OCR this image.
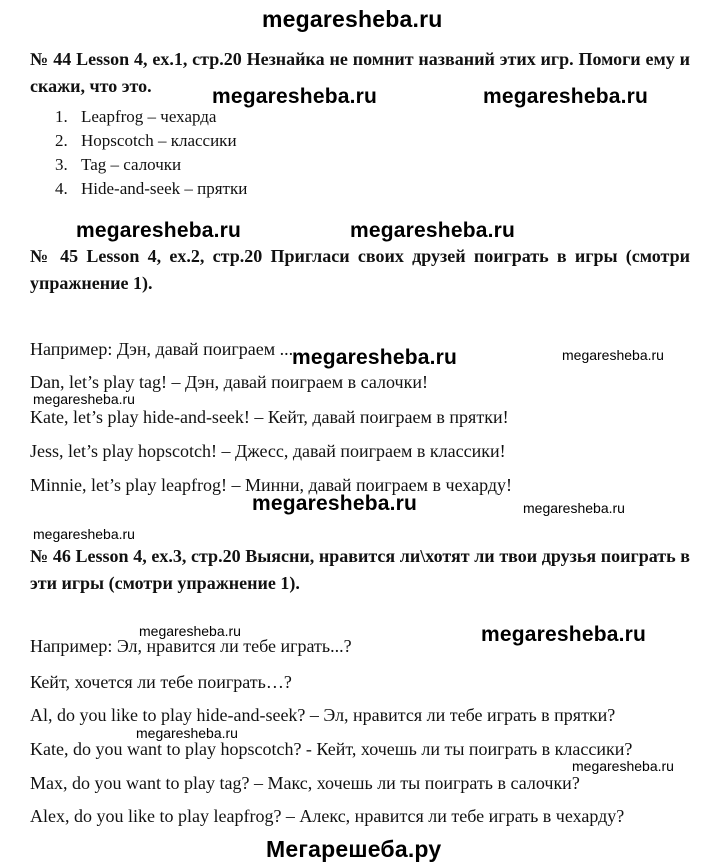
megaresheba.ru
Мегарешеба.ру
№ 44 Lesson 4, ex.1, стр.20 Незнайка не помнит названий этих игр. Помоги ему и скажи, что это.
1. Leapfrog – чехарда
2. Hopscotch – классики
3. Tag – салочки
4. Hide-and-seek – прятки
№ 45 Lesson 4, ex.2, стр.20 Пригласи своих друзей поиграть в игры (смотри упражнение 1).
Например: Дэн, давай поиграем ...
Dan, let’s play tag! – Дэн, давай поиграем в салочки!
Kate, let’s play hide-and-seek! – Кейт, давай поиграем в прятки!
Jess, let’s play hopscotch! – Джесс, давай поиграем в классики!
Minnie, let’s play leapfrog! – Минни, давай поиграем в чехарду!
№ 46 Lesson 4, ex.3, стр.20 Выясни, нравится ли\хотят ли твои друзья поиграть в эти игры (смотри упражнение 1).
Например: Эл, нравится ли тебе играть...?
Кейт, хочется ли тебе поиграть…?
Al, do you like to play hide-and-seek? – Эл, нравится ли тебе играть в прятки?
Kate, do you want to play hopscotch? - Кейт, хочешь ли ты поиграть в классики?
Max, do you want to play tag? – Макс, хочешь ли ты поиграть в салочки?
Alex, do you like to play leapfrog? – Алекс, нравится ли тебе играть в чехарду?
megaresheba.ru	megaresheba.ru
megaresheba.ru	megaresheba.ru
megaresheba.ru	megaresheba.ru
megaresheba.ru
megaresheba.ru	megaresheba.ru
megaresheba.ru
megaresheba.ru	megaresheba.ru
megaresheba.ru
megaresheba.ru
